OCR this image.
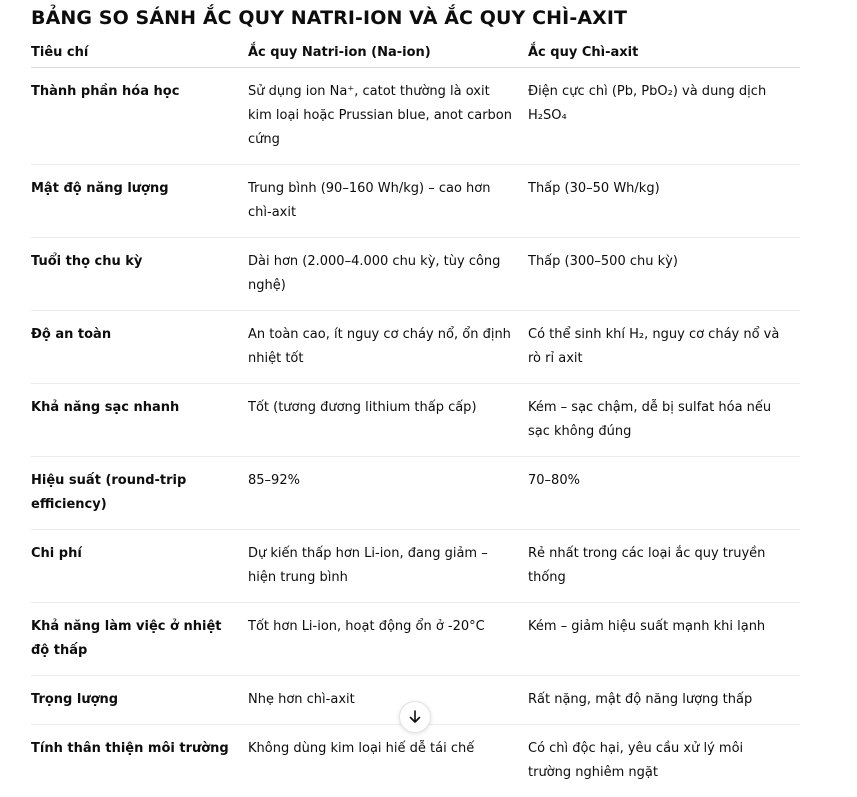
BẢNG SO SÁNH ẮC QUY NATRI-ION VÀ ẮC QUY CHÌ-AXIT
Tiêu chí	Ắc quy Natri-ion (Na-ion)	Ắc quy Chì-axit
Thành phần hóa học	Sử dụng ion Na⁺, catot thường là oxit kim loại hoặc Prussian blue, anot carbon cứng	Điện cực chì (Pb, PbO₂) và dung dịch H₂SO₄
Mật độ năng lượng	Trung bình (90–160 Wh/kg) – cao hơn chì-axit	Thấp (30–50 Wh/kg)
Tuổi thọ chu kỳ	Dài hơn (2.000–4.000 chu kỳ, tùy công nghệ)	Thấp (300–500 chu kỳ)
Độ an toàn	An toàn cao, ít nguy cơ cháy nổ, ổn định nhiệt tốt	Có thể sinh khí H₂, nguy cơ cháy nổ và rò rỉ axit
Khả năng sạc nhanh	Tốt (tương đương lithium thấp cấp)	Kém – sạc chậm, dễ bị sulfat hóa nếu sạc không đúng
Hiệu suất (round-trip efficiency)	85–92%	70–80%
Chi phí	Dự kiến thấp hơn Li-ion, đang giảm – hiện trung bình	Rẻ nhất trong các loại ắc quy truyền thống
Khả năng làm việc ở nhiệt độ thấp	Tốt hơn Li-ion, hoạt động ổn ở -20°C	Kém – giảm hiệu suất mạnh khi lạnh
Trọng lượng	Nhẹ hơn chì-axit	Rất nặng, mật độ năng lượng thấp
Tính thân thiện môi trường	Không dùng kim loại hiế dễ tái chế	Có chì độc hại, yêu cầu xử lý môi trường nghiêm ngặt
